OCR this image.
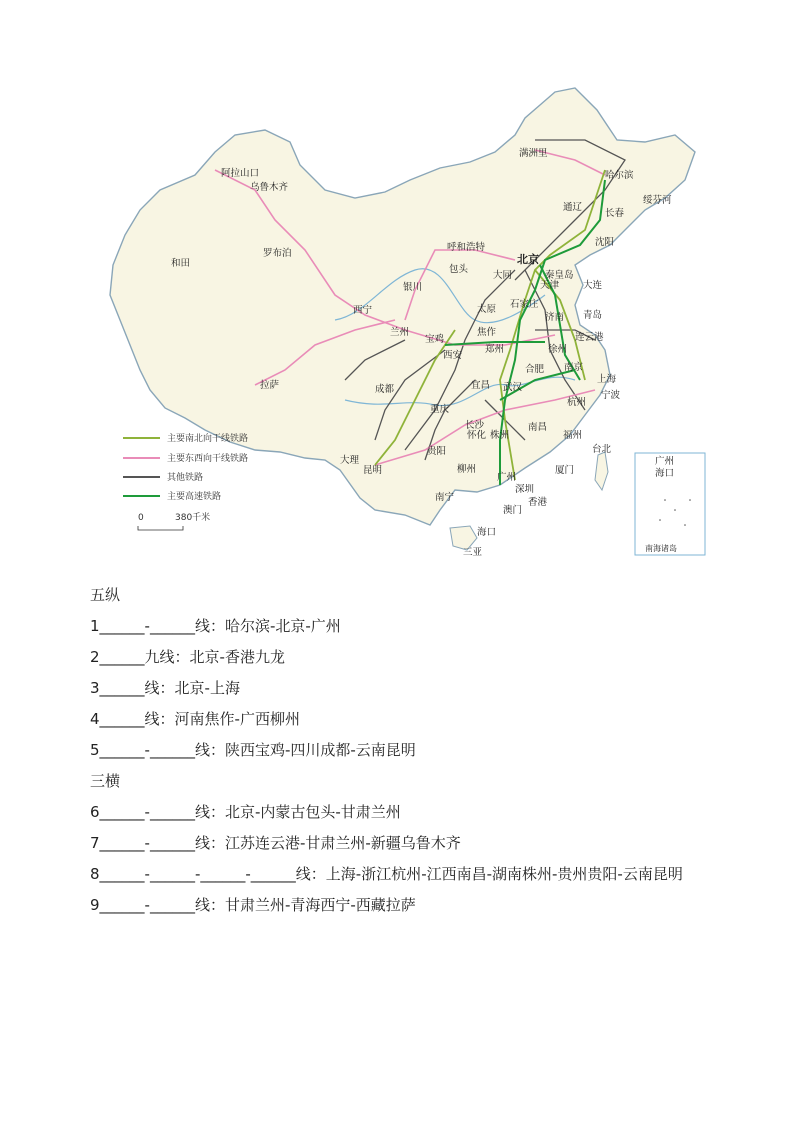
广州
海口
南海诸岛
满洲里
哈尔滨
绥芬河
通辽
长春
沈阳
大连
阿拉山口
乌鲁木齐
罗布泊
和田
呼和浩特
包头
大同
北京
秦皇岛
天津
银川
太原 石家庄
济南 青岛
西宁
兰州
宝鸡
焦作	连云港
西安
郑州	徐州
南京
上海
合肥
拉萨	成都	宜昌 武汉
杭州
宁波
重庆
南昌
长沙
怀化 株洲	福州
大理
昆明
贵阳
柳州
台北
厦门
广州
深圳
南宁
澳门
香港
海口
三亚
主要南北向干线铁路
主要东西向干线铁路
其他铁路
主要高速铁路
0	380千米
五纵
1______-______线：哈尔滨-北京-广州
2______九线：北京-香港九龙
3______线：北京-上海
4______线：河南焦作-广西柳州
5______-______线：陕西宝鸡-四川成都-云南昆明
三横
6______-______线：北京-内蒙古包头-甘肃兰州
7______-______线：江苏连云港-甘肃兰州-新疆乌鲁木齐
8______-______-______-______线：上海-浙江杭州-江西南昌-湖南株州-贵州贵阳-云南昆明
9______-______线：甘肃兰州-青海西宁-西藏拉萨
